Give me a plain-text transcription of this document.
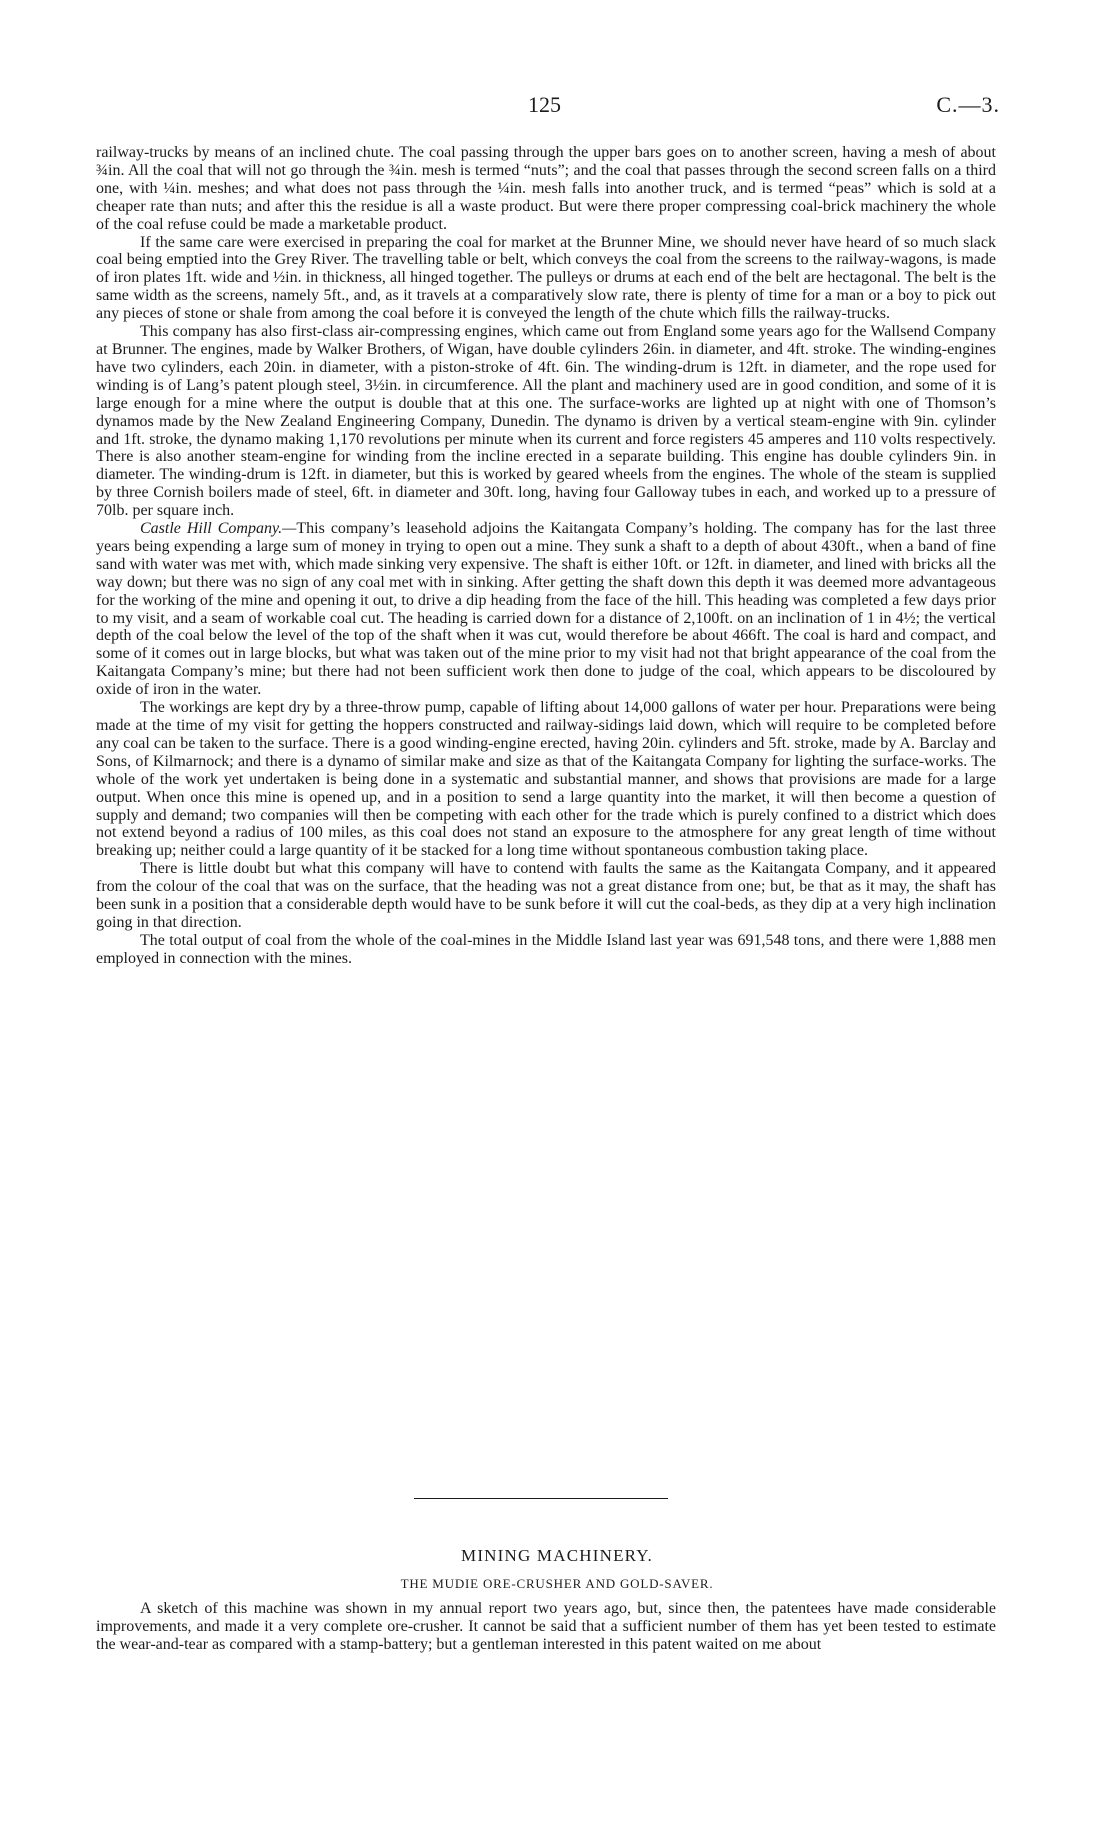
125	C.—3.

railway-trucks by means of an inclined chute. The coal passing through the upper bars goes on to another screen, having a mesh of about ¾in. All the coal that will not go through the ¾in. mesh is termed “nuts”; and the coal that passes through the second screen falls on a third one, with ¼in. meshes; and what does not pass through the ¼in. mesh falls into another truck, and is termed “peas” which is sold at a cheaper rate than nuts; and after this the residue is all a waste product. But were there proper compressing coal-brick machinery the whole of the coal refuse could be made a marketable product.

If the same care were exercised in preparing the coal for market at the Brunner Mine, we should never have heard of so much slack coal being emptied into the Grey River. The travelling table or belt, which conveys the coal from the screens to the railway-wagons, is made of iron plates 1ft. wide and ½in. in thickness, all hinged together. The pulleys or drums at each end of the belt are hectagonal. The belt is the same width as the screens, namely 5ft., and, as it travels at a comparatively slow rate, there is plenty of time for a man or a boy to pick out any pieces of stone or shale from among the coal before it is conveyed the length of the chute which fills the railway-trucks.

This company has also first-class air-compressing engines, which came out from England some years ago for the Wallsend Company at Brunner. The engines, made by Walker Brothers, of Wigan, have double cylinders 26in. in diameter, and 4ft. stroke. The winding-engines have two cylinders, each 20in. in diameter, with a piston-stroke of 4ft. 6in. The winding-drum is 12ft. in diameter, and the rope used for winding is of Lang’s patent plough steel, 3½in. in circumference. All the plant and machinery used are in good condition, and some of it is large enough for a mine where the output is double that at this one. The surface-works are lighted up at night with one of Thomson’s dynamos made by the New Zealand Engineering Company, Dunedin. The dynamo is driven by a vertical steam-engine with 9in. cylinder and 1ft. stroke, the dynamo making 1,170 revolutions per minute when its current and force registers 45 amperes and 110 volts respectively. There is also another steam-engine for winding from the incline erected in a separate building. This engine has double cylinders 9in. in diameter. The winding-drum is 12ft. in diameter, but this is worked by geared wheels from the engines. The whole of the steam is supplied by three Cornish boilers made of steel, 6ft. in diameter and 30ft. long, having four Galloway tubes in each, and worked up to a pressure of 70lb. per square inch.

Castle Hill Company.—This company’s leasehold adjoins the Kaitangata Company’s holding. The company has for the last three years being expending a large sum of money in trying to open out a mine. They sunk a shaft to a depth of about 430ft., when a band of fine sand with water was met with, which made sinking very expensive. The shaft is either 10ft. or 12ft. in diameter, and lined with bricks all the way down; but there was no sign of any coal met with in sinking. After getting the shaft down this depth it was deemed more advantageous for the working of the mine and opening it out, to drive a dip heading from the face of the hill. This heading was completed a few days prior to my visit, and a seam of workable coal cut. The heading is carried down for a distance of 2,100ft. on an inclination of 1 in 4½; the vertical depth of the coal below the level of the top of the shaft when it was cut, would therefore be about 466ft. The coal is hard and compact, and some of it comes out in large blocks, but what was taken out of the mine prior to my visit had not that bright appearance of the coal from the Kaitangata Company’s mine; but there had not been sufficient work then done to judge of the coal, which appears to be discoloured by oxide of iron in the water.

The workings are kept dry by a three-throw pump, capable of lifting about 14,000 gallons of water per hour. Preparations were being made at the time of my visit for getting the hoppers constructed and railway-sidings laid down, which will require to be completed before any coal can be taken to the surface. There is a good winding-engine erected, having 20in. cylinders and 5ft. stroke, made by A. Barclay and Sons, of Kilmarnock; and there is a dynamo of similar make and size as that of the Kaitangata Company for lighting the surface-works. The whole of the work yet undertaken is being done in a systematic and substantial manner, and shows that provisions are made for a large output. When once this mine is opened up, and in a position to send a large quantity into the market, it will then become a question of supply and demand; two companies will then be competing with each other for the trade which is purely confined to a district which does not extend beyond a radius of 100 miles, as this coal does not stand an exposure to the atmosphere for any great length of time without breaking up; neither could a large quantity of it be stacked for a long time without spontaneous combustion taking place.

There is little doubt but what this company will have to contend with faults the same as the Kaitangata Company, and it appeared from the colour of the coal that was on the surface, that the heading was not a great distance from one; but, be that as it may, the shaft has been sunk in a position that a considerable depth would have to be sunk before it will cut the coal-beds, as they dip at a very high inclination going in that direction.

The total output of coal from the whole of the coal-mines in the Middle Island last year was 691,548 tons, and there were 1,888 men employed in connection with the mines.

MINING MACHINERY.
THE MUDIE ORE-CRUSHER AND GOLD-SAVER.

A sketch of this machine was shown in my annual report two years ago, but, since then, the patentees have made considerable improvements, and made it a very complete ore-crusher. It cannot be said that a sufficient number of them has yet been tested to estimate the wear-and-tear as compared with a stamp-battery; but a gentleman interested in this patent waited on me about
